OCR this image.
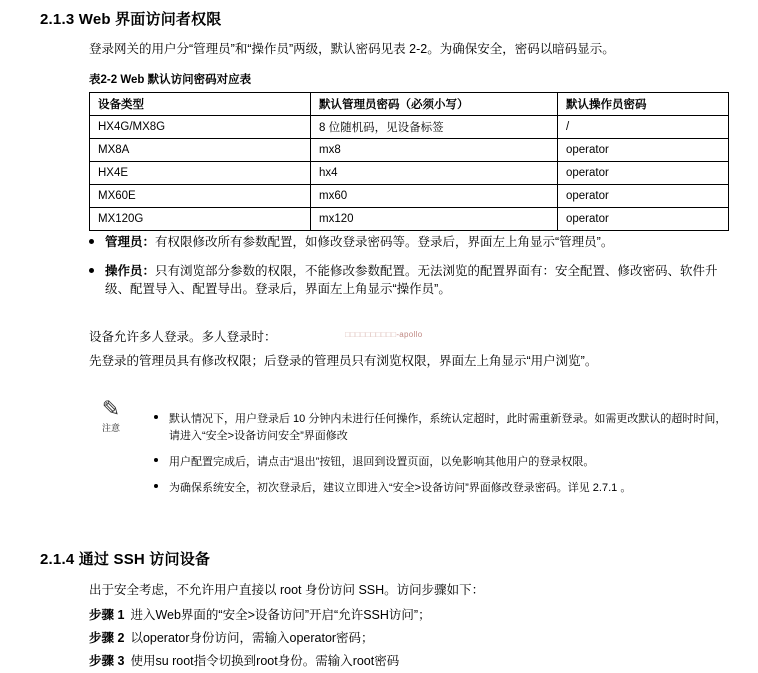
2.1.3 Web 界面访问者权限
登录网关的用户分“管理员”和“操作员”两级，默认密码见表 2-2。为确保安全，密码以暗码显示。
表2-2 Web 默认访问密码对应表
设备类型	默认管理员密码（必须小写）	默认操作员密码
HX4G/MX8G	8 位随机码，见设备标签	/
MX8A	mx8	operator
HX4E	hx4	operator
MX60E	mx60	operator
MX120G	mx120	operator
管理员：有权限修改所有参数配置，如修改登录密码等。登录后，界面左上角显示“管理员”。
操作员：只有浏览部分参数的权限，不能修改参数配置。无法浏览的配置界面有：安全配置、修改密码、软件升级、配置导入、配置导出。登录后，界面左上角显示“操作员”。
设备允许多人登录。多人登录时：	□□□□□□□□□□-apollo
先登录的管理员具有修改权限；后登录的管理员只有浏览权限，界面左上角显示“用户浏览”。
✎
注意
默认情况下，用户登录后 10 分钟内未进行任何操作，系统认定超时，此时需重新登录。如需更改默认的超时时间，请进入“安全>设备访问安全”界面修改
用户配置完成后，请点击“退出”按钮，退回到设置页面，以免影响其他用户的登录权限。
为确保系统安全，初次登录后，建议立即进入“安全>设备访问”界面修改登录密码。详见 2.7.1 。
2.1.4 通过 SSH 访问设备
出于安全考虑，不允许用户直接以 root 身份访问 SSH。访问步骤如下：
步骤 1 进入Web界面的“安全>设备访问”开启“允许SSH访问”；
步骤 2 以operator身份访问，需输入operator密码；
步骤 3 使用su root指令切换到root身份。需输入root密码
